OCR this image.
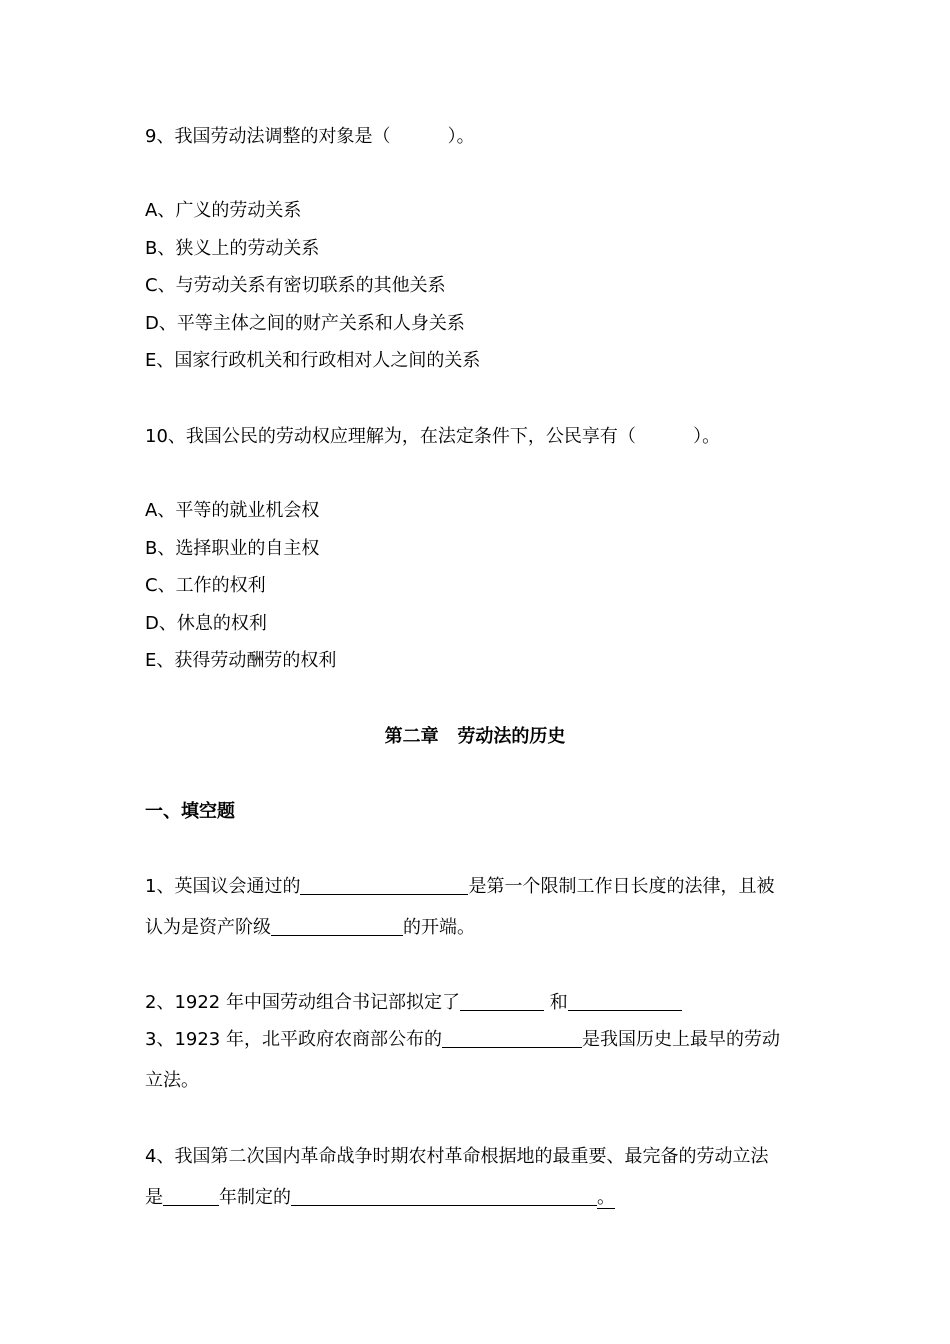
9、我国劳动法调整的对象是（          ）。
A、广义的劳动关系
B、狭义上的劳动关系
C、与劳动关系有密切联系的其他关系
D、平等主体之间的财产关系和人身关系
E、国家行政机关和行政相对人之间的关系
10、我国公民的劳动权应理解为，在法定条件下，公民享有（          ）。
A、平等的就业机会权
B、选择职业的自主权
C、工作的权利
D、休息的权利
E、获得劳动酬劳的权利
第二章   劳动法的历史
一、填空题
1、英国议会通过的	是第一个限制工作日长度的法律，且被
认为是资产阶级	的开端。
2、1922 年中国劳动组合书记部拟定了	和
3、1923 年，北平政府农商部公布的	是我国历史上最早的劳动
立法。
4、我国第二次国内革命战争时期农村革命根据地的最重要、最完备的劳动立法
是	年制定的	。
